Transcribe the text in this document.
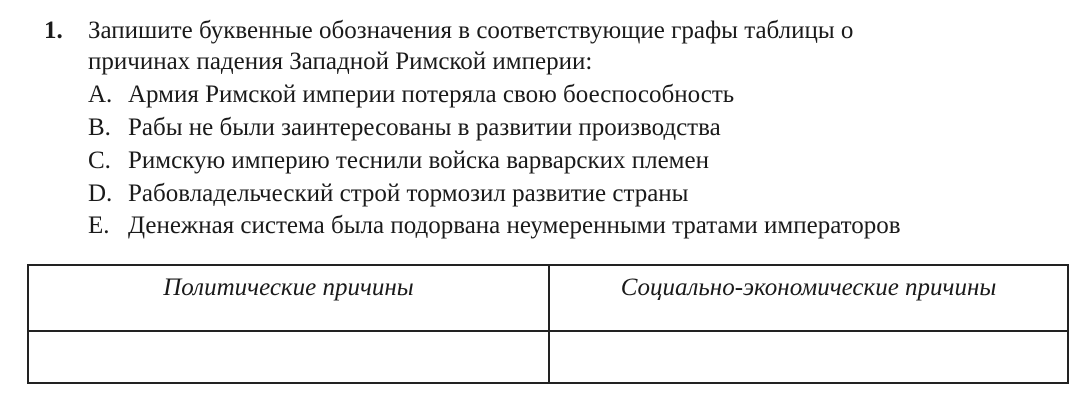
1. Запишите буквенные обозначения в соответствующие графы таблицы о
причинах падения Западной Римской империи:
А. Армия Римской империи потеряла свою боеспособность
B. Рабы не были заинтересованы в развитии производства
C. Римскую империю теснили войска варварских племен
D. Рабовладельческий строй тормозил развитие страны
E. Денежная система была подорвана неумеренными тратами императоров
Политические причины	Социально-экономические причины
